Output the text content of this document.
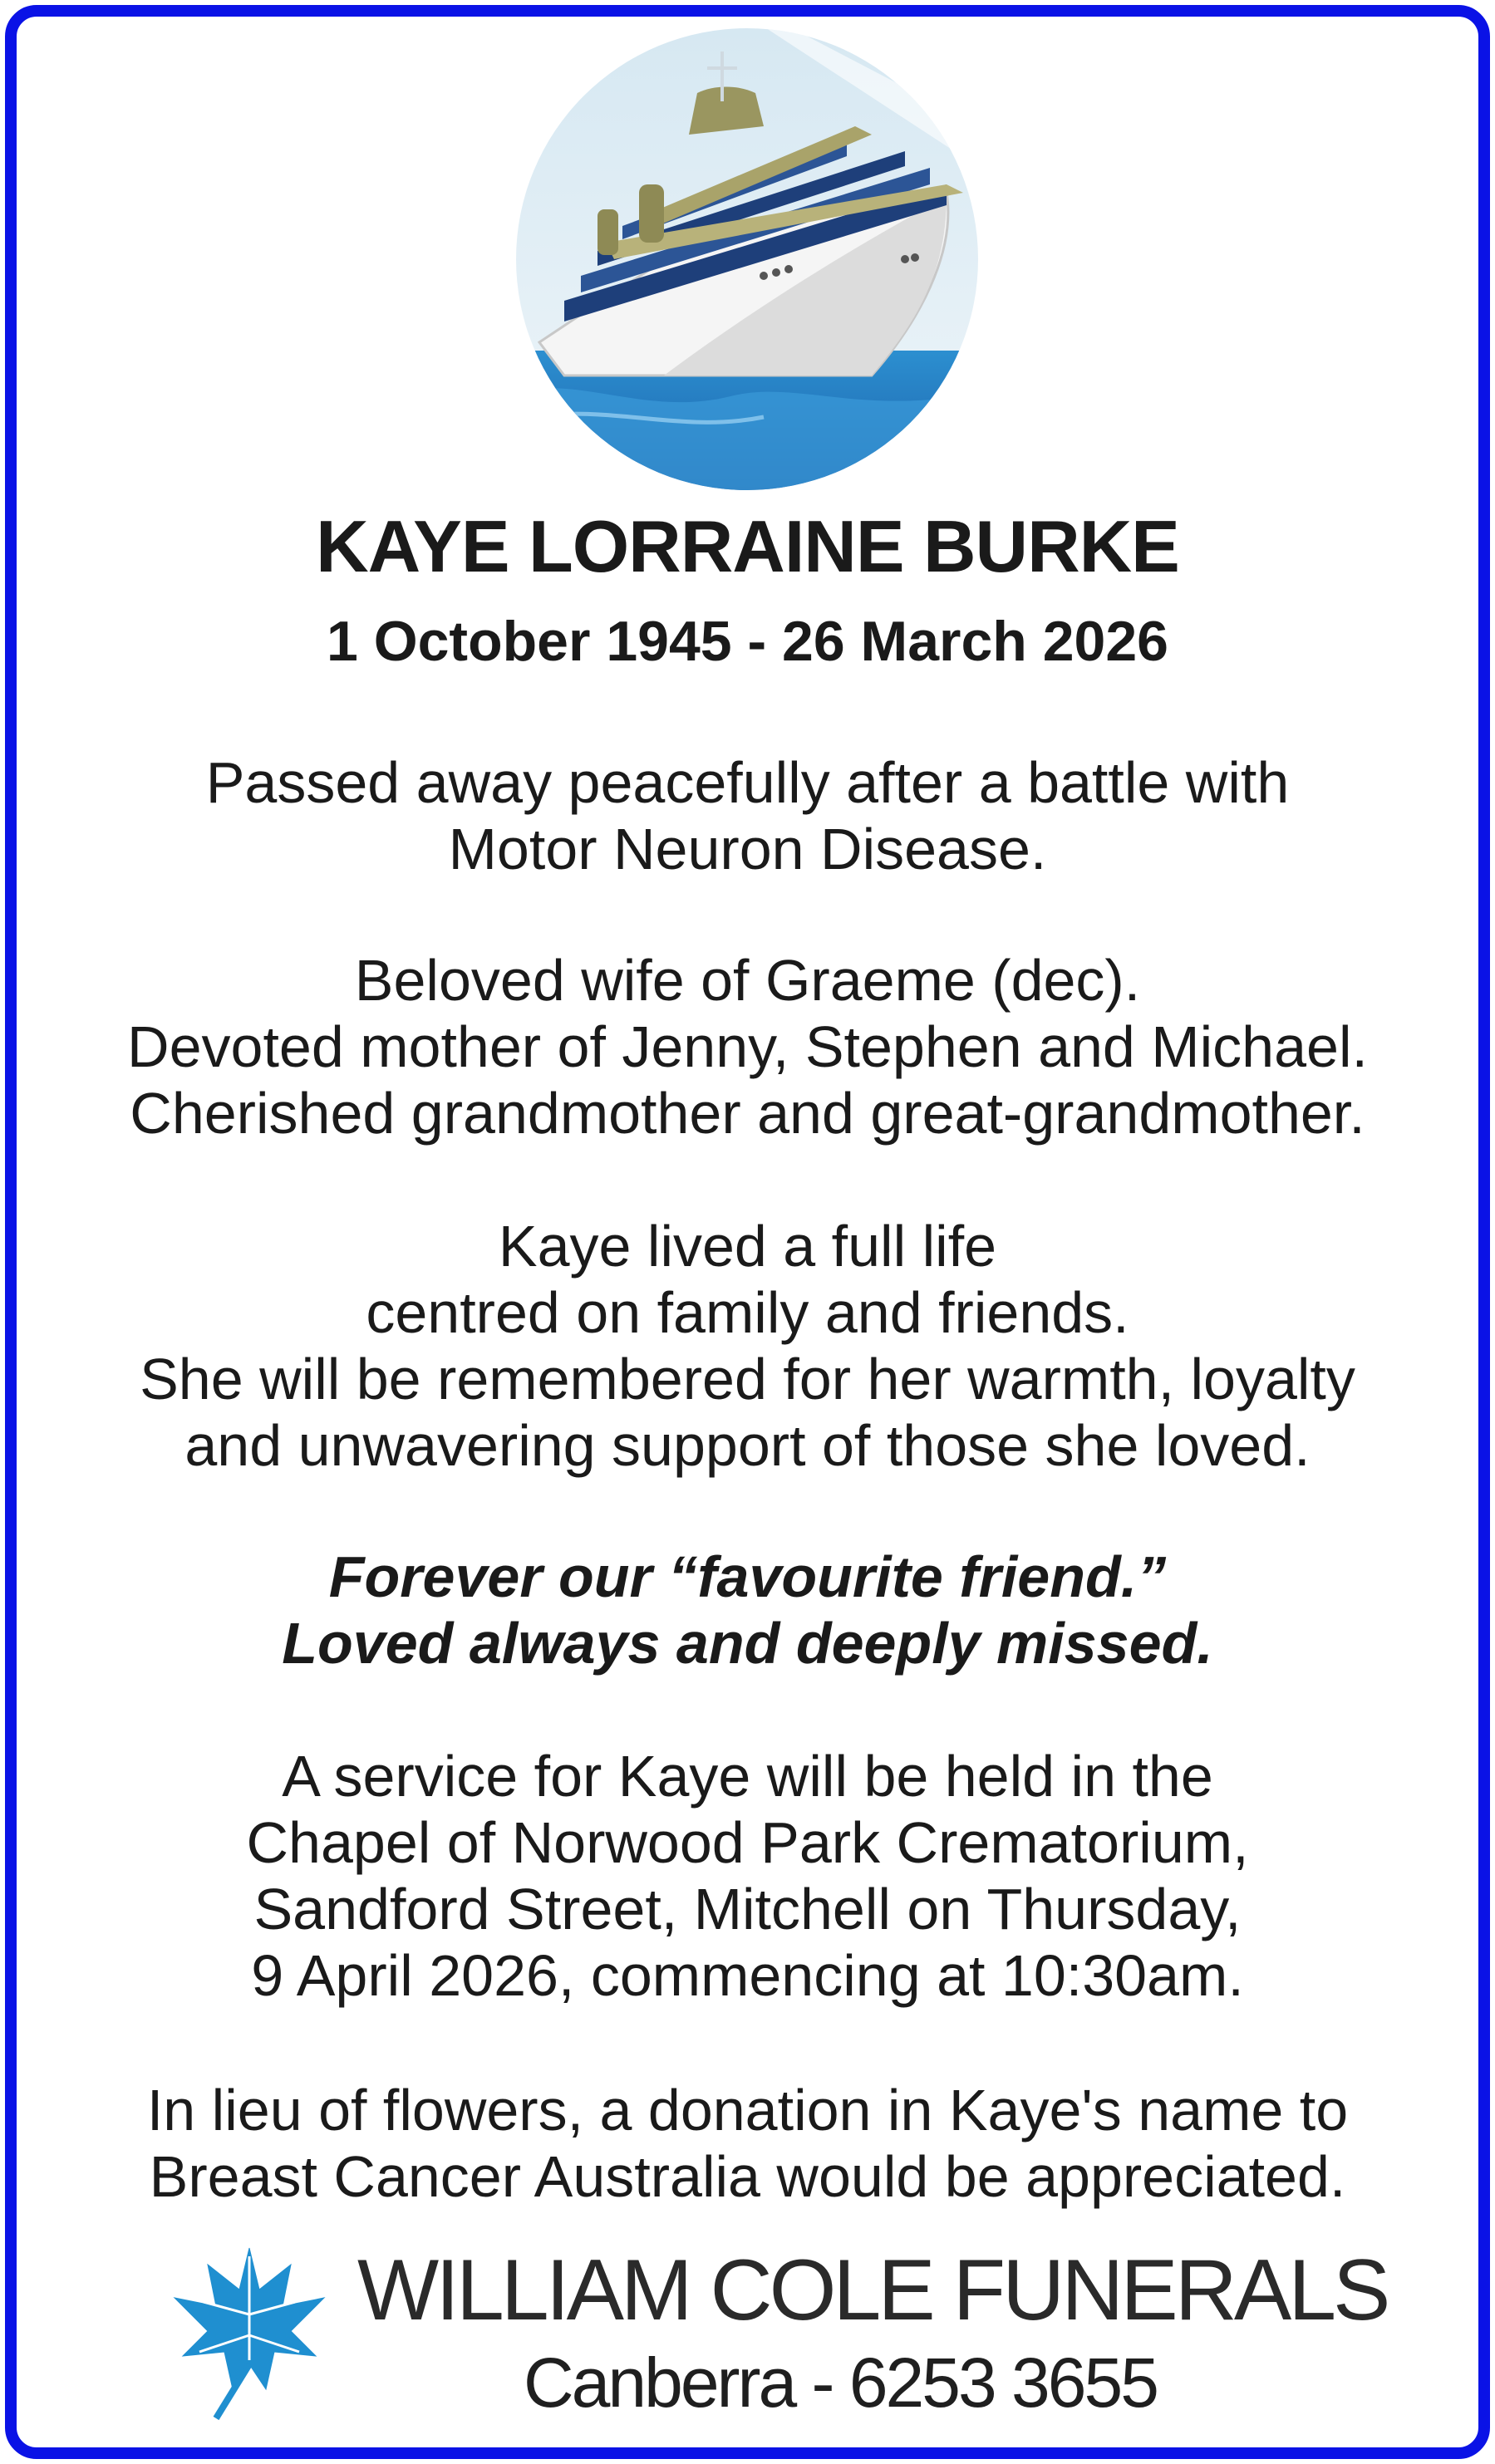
KAYE LORRAINE BURKE
1 October 1945 - 26 March 2026
Passed away peacefully after a battle with
Motor Neuron Disease.
Beloved wife of Graeme (dec).
Devoted mother of Jenny, Stephen and Michael.
Cherished grandmother and great-grandmother.
Kaye lived a full life
centred on family and friends.
She will be remembered for her warmth, loyalty
and unwavering support of those she loved.
Forever our “favourite friend.”
Loved always and deeply missed.
A service for Kaye will be held in the
Chapel of Norwood Park Crematorium,
Sandford Street, Mitchell on Thursday,
9 April 2026, commencing at 10:30am.
In lieu of flowers, a donation in Kaye's name to
Breast Cancer Australia would be appreciated.
WILLIAM COLE FUNERALS
Canberra - 6253 3655
